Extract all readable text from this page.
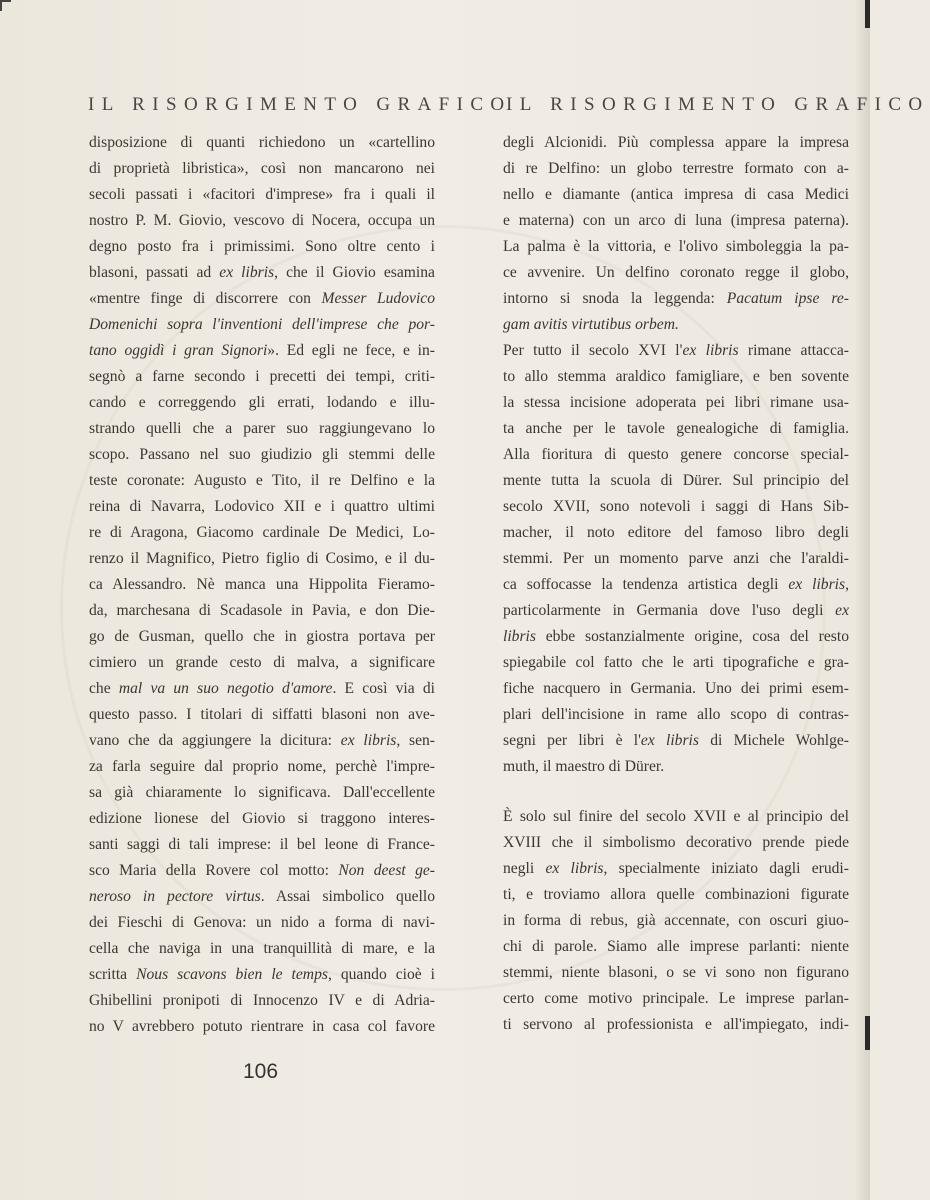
IL RISORGIMENTO GRAFICO
IL RISORGIMENTO GRAFICO
disposizione di quanti richiedono un «cartellino
di proprietà libristica», così non mancarono nei
secoli passati i «facitori d'imprese» fra i quali il
nostro P. M. Giovio, vescovo di Nocera, occupa un
degno posto fra i primissimi. Sono oltre cento i
blasoni, passati ad ex libris, che il Giovio esamina
«mentre finge di discorrere con Messer Ludovico
Domenichi sopra l'inventioni dell'imprese che por-
tano oggidì i gran Signori». Ed egli ne fece, e in-
segnò a farne secondo i precetti dei tempi, criti-
cando e correggendo gli errati, lodando e illu-
strando quelli che a parer suo raggiungevano lo
scopo. Passano nel suo giudizio gli stemmi delle
teste coronate: Augusto e Tito, il re Delfino e la
reina di Navarra, Lodovico XII e i quattro ultimi
re di Aragona, Giacomo cardinale De Medici, Lo-
renzo il Magnifico, Pietro figlio di Cosimo, e il du-
ca Alessandro. Nè manca una Hippolita Fieramo-
da, marchesana di Scadasole in Pavia, e don Die-
go de Gusman, quello che in giostra portava per
cimiero un grande cesto di malva, a significare
che mal va un suo negotio d'amore. E così via di
questo passo. I titolari di siffatti blasoni non ave-
vano che da aggiungere la dicitura: ex libris, sen-
za farla seguire dal proprio nome, perchè l'impre-
sa già chiaramente lo significava. Dall'eccellente
edizione lionese del Giovio si traggono interes-
santi saggi di tali imprese: il bel leone di France-
sco Maria della Rovere col motto: Non deest ge-
neroso in pectore virtus. Assai simbolico quello
dei Fieschi di Genova: un nido a forma di navi-
cella che naviga in una tranquillità di mare, e la
scritta Nous scavons bien le temps, quando cioè i
Ghibellini pronipoti di Innocenzo IV e di Adria-
no V avrebbero potuto rientrare in casa col favore
degli Alcionidi. Più complessa appare la impresa
di re Delfino: un globo terrestre formato con a-
nello e diamante (antica impresa di casa Medici
e materna) con un arco di luna (impresa paterna).
La palma è la vittoria, e l'olivo simboleggia la pa-
ce avvenire. Un delfino coronato regge il globo,
intorno si snoda la leggenda: Pacatum ipse re-
gam avitis virtutibus orbem.
Per tutto il secolo XVI l'ex libris rimane attacca-
to allo stemma araldico famigliare, e ben sovente
la stessa incisione adoperata pei libri rimane usa-
ta anche per le tavole genealogiche di famiglia.
Alla fioritura di questo genere concorse special-
mente tutta la scuola di Dürer. Sul principio del
secolo XVII, sono notevoli i saggi di Hans Sib-
macher, il noto editore del famoso libro degli
stemmi. Per un momento parve anzi che l'araldi-
ca soffocasse la tendenza artistica degli ex libris,
particolarmente in Germania dove l'uso degli ex
libris ebbe sostanzialmente origine, cosa del resto
spiegabile col fatto che le arti tipografiche e gra-
fiche nacquero in Germania. Uno dei primi esem-
plari dell'incisione in rame allo scopo di contras-
segni per libri è l'ex libris di Michele Wohlge-
muth, il maestro di Dürer.
È solo sul finire del secolo XVII e al principio del
XVIII che il simbolismo decorativo prende piede
negli ex libris, specialmente iniziato dagli erudi-
ti, e troviamo allora quelle combinazioni figurate
in forma di rebus, già accennate, con oscuri giuo-
chi di parole. Siamo alle imprese parlanti: niente
stemmi, niente blasoni, o se vi sono non figurano
certo come motivo principale. Le imprese parlan-
ti servono al professionista e all'impiegato, indi-
106
